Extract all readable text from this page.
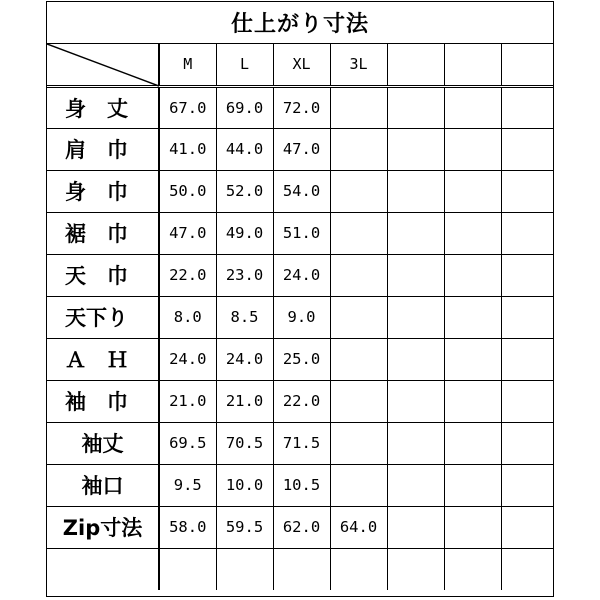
仕上がり寸法
	M	L	XL	3L			
身　丈	67.0	69.0	72.0				
肩　巾	41.0	44.0	47.0				
身　巾	50.0	52.0	54.0				
裾　巾	47.0	49.0	51.0				
天　巾	22.0	23.0	24.0				
天下り	8.0	8.5	9.0				
Ａ　Ｈ	24.0	24.0	25.0				
袖　巾	21.0	21.0	22.0				
袖丈	69.5	70.5	71.5				
袖口	9.5	10.0	10.5				
Zip寸法	58.0	59.5	62.0	64.0			
